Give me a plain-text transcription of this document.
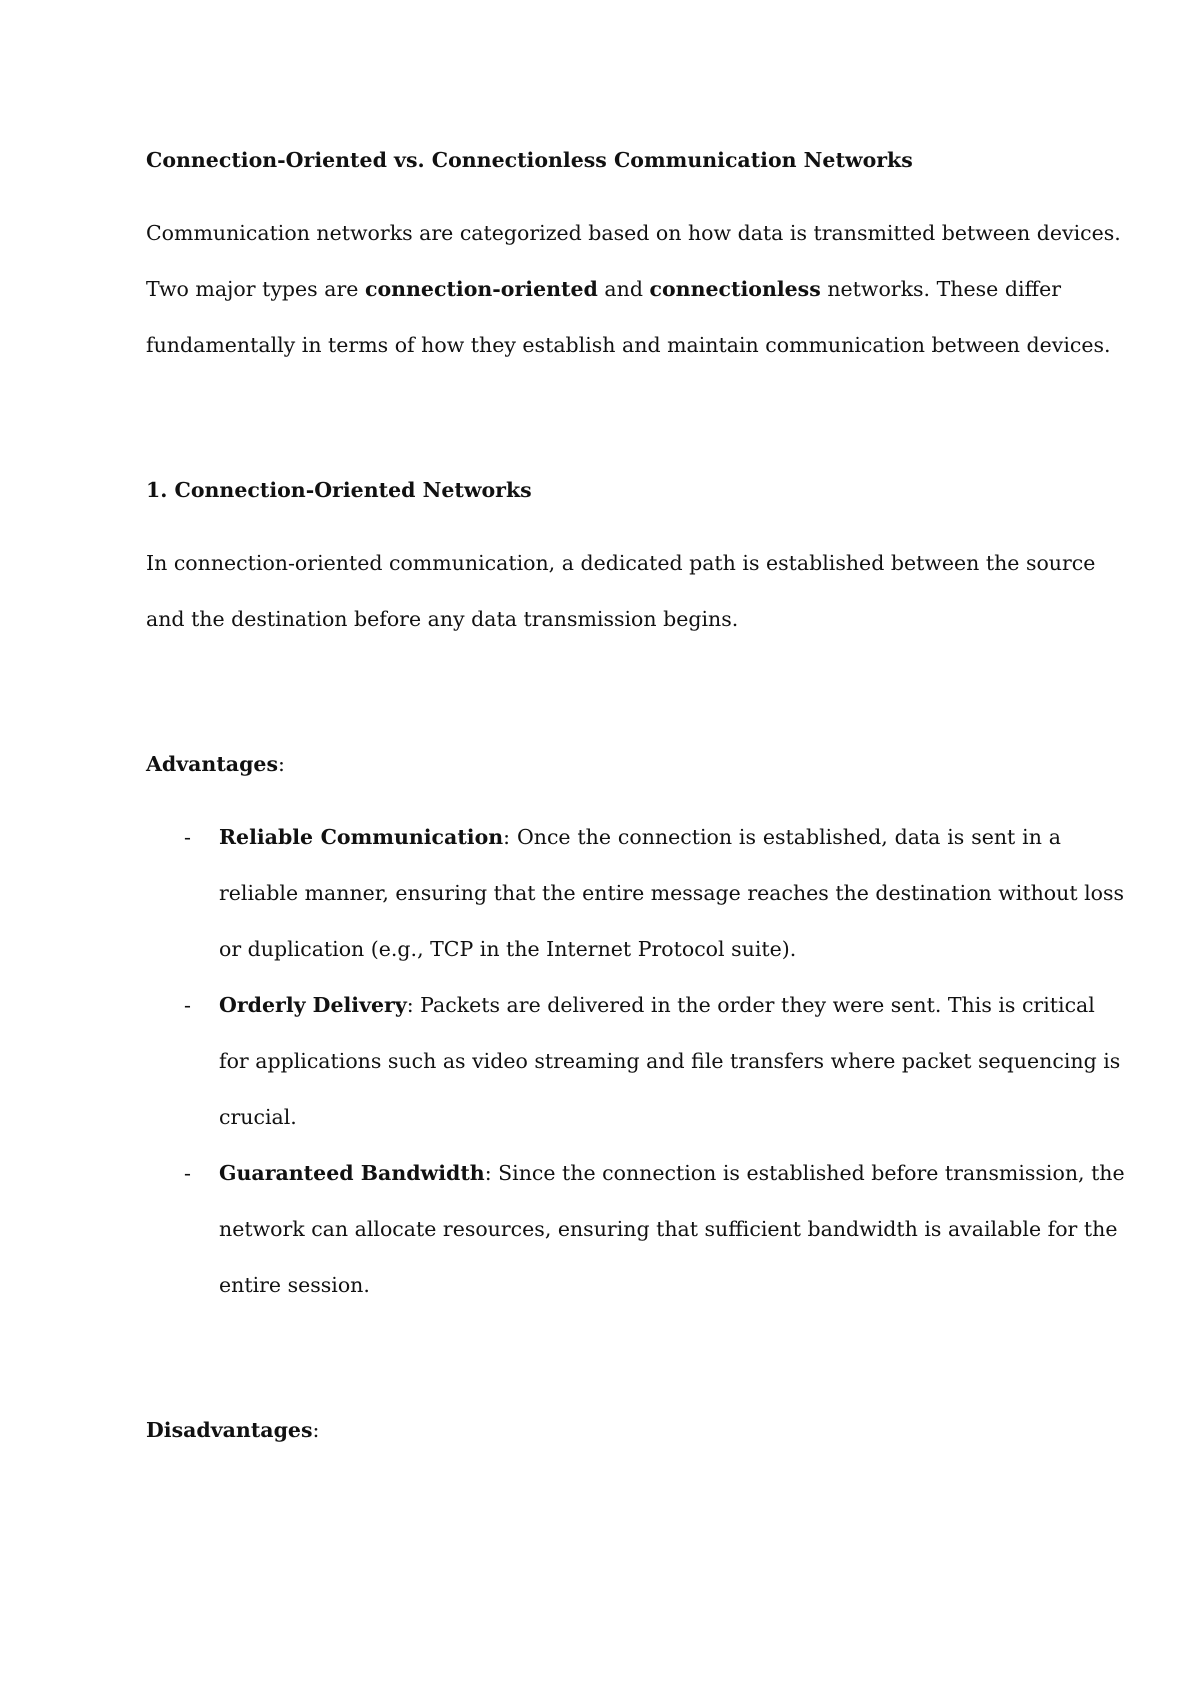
Connection-Oriented vs. Connectionless Communication Networks
Communication networks are categorized based on how data is transmitted between devices.
Two major types are connection-oriented and connectionless networks. These differ
fundamentally in terms of how they establish and maintain communication between devices.
1. Connection-Oriented Networks
In connection-oriented communication, a dedicated path is established between the source
and the destination before any data transmission begins.
Advantages:
- Reliable Communication: Once the connection is established, data is sent in a
reliable manner, ensuring that the entire message reaches the destination without loss
or duplication (e.g., TCP in the Internet Protocol suite).
- Orderly Delivery: Packets are delivered in the order they were sent. This is critical
for applications such as video streaming and file transfers where packet sequencing is
crucial.
- Guaranteed Bandwidth: Since the connection is established before transmission, the
network can allocate resources, ensuring that sufficient bandwidth is available for the
entire session.
Disadvantages:
